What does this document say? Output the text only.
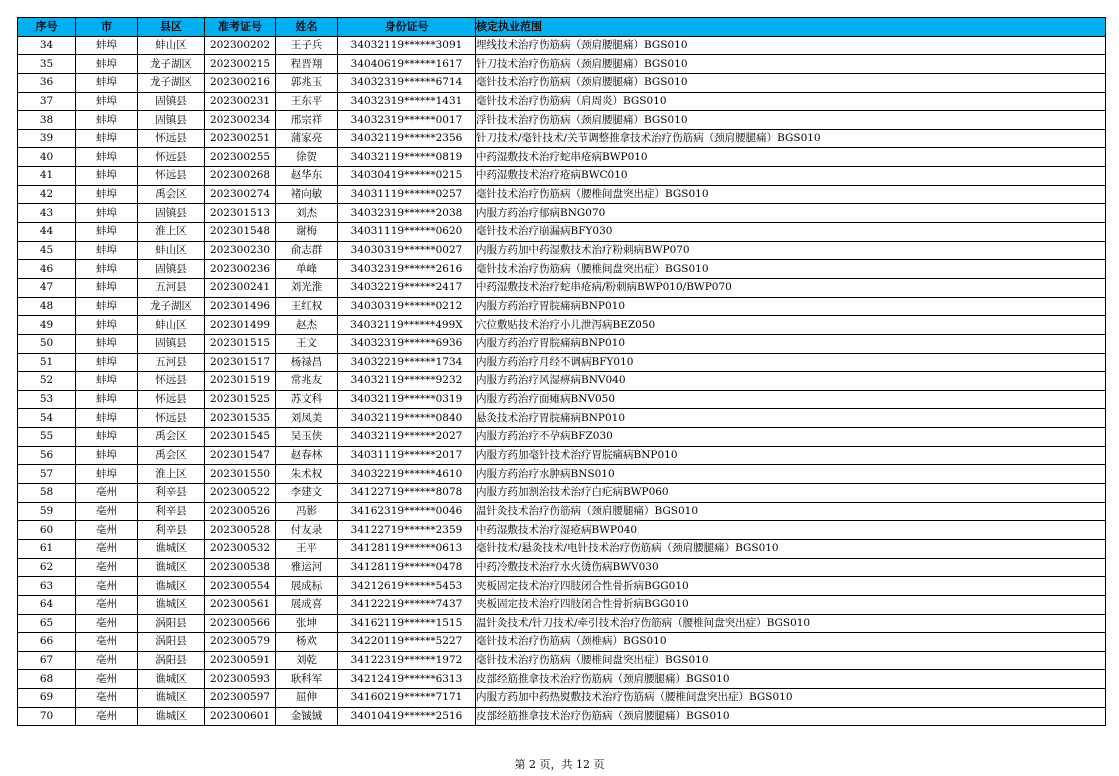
序号	市	县区	准考证号	姓名	身份证号	核定执业范围
34	蚌埠	蚌山区	202300202	王子兵	34032119******3091	埋线技术治疗伤筋病（颈肩腰腿痛）BGS010
35	蚌埠	龙子湖区	202300215	程晋翔	34040619******1617	针刀技术治疗伤筋病（颈肩腰腿痛）BGS010
36	蚌埠	龙子湖区	202300216	郭兆玉	34032319******6714	毫针技术治疗伤筋病（颈肩腰腿痛）BGS010
37	蚌埠	固镇县	202300231	王东平	34032319******1431	毫针技术治疗伤筋病（肩周炎）BGS010
38	蚌埠	固镇县	202300234	邢宗祥	34032319******0017	浮针技术治疗伤筋病（颈肩腰腿痛）BGS010
39	蚌埠	怀远县	202300251	蒲家亮	34032119******2356	针刀技术/毫针技术/关节调整推拿技术治疗伤筋病（颈肩腰腿痛）BGS010
40	蚌埠	怀远县	202300255	徐贺	34032119******0819	中药湿敷技术治疗蛇串疮病BWP010
41	蚌埠	怀远县	202300268	赵华东	34030419******0215	中药湿敷技术治疗疮病BWC010
42	蚌埠	禹会区	202300274	褚向敏	34031119******0257	毫针技术治疗伤筋病（腰椎间盘突出症）BGS010
43	蚌埠	固镇县	202301513	刘杰	34032319******2038	内服方药治疗郁病BNG070
44	蚌埠	淮上区	202301548	谢梅	34031119******0620	毫针技术治疗崩漏病BFY030
45	蚌埠	蚌山区	202300230	俞志群	34030319******0027	内服方药加中药湿敷技术治疗粉刺病BWP070
46	蚌埠	固镇县	202300236	单峰	34032319******2616	毫针技术治疗伤筋病（腰椎间盘突出症）BGS010
47	蚌埠	五河县	202300241	刘光淮	34032219******2417	中药湿敷技术治疗蛇串疮病/粉刺病BWP010/BWP070
48	蚌埠	龙子湖区	202301496	王红权	34030319******0212	内服方药治疗胃脘痛病BNP010
49	蚌埠	蚌山区	202301499	赵杰	34032119******499X	穴位敷贴技术治疗小儿泄泻病BEZ050
50	蚌埠	固镇县	202301515	王文	34032319******6936	内服方药治疗胃脘痛病BNP010
51	蚌埠	五河县	202301517	杨禄昌	34032219******1734	内服方药治疗月经不调病BFY010
52	蚌埠	怀远县	202301519	常兆友	34032119******9232	内服方药治疗风湿痹病BNV040
53	蚌埠	怀远县	202301525	苏文科	34032119******0319	内服方药治疗面瘫病BNV050
54	蚌埠	怀远县	202301535	刘凤美	34032119******0840	悬灸技术治疗胃脘痛病BNP010
55	蚌埠	禹会区	202301545	吴玉侠	34032119******2027	内服方药治疗不孕病BFZ030
56	蚌埠	禹会区	202301547	赵春林	34031119******2017	内服方药加毫针技术治疗胃脘痛病BNP010
57	蚌埠	淮上区	202301550	朱术权	34032219******4610	内服方药治疗水肿病BNS010
58	亳州	利辛县	202300522	李建文	34122719******8078	内服方药加割治技术治疗白疕病BWP060
59	亳州	利辛县	202300526	冯影	34162319******0046	温针灸技术治疗伤筋病（颈肩腰腿痛）BGS010
60	亳州	利辛县	202300528	付友录	34122719******2359	中药湿敷技术治疗湿疮病BWP040
61	亳州	谯城区	202300532	王平	34128119******0613	毫针技术/悬灸技术/电针技术治疗伤筋病（颈肩腰腿痛）BGS010
62	亳州	谯城区	202300538	雅运河	34128119******0478	中药冷敷技术治疗水火烫伤病BWV030
63	亳州	谯城区	202300554	展成标	34212619******5453	夹板固定技术治疗四肢闭合性骨折病BGG010
64	亳州	谯城区	202300561	展成喜	34122219******7437	夹板固定技术治疗四肢闭合性骨折病BGG010
65	亳州	涡阳县	202300566	张坤	34162119******1515	温针灸技术/针刀技术/牵引技术治疗伤筋病（腰椎间盘突出症）BGS010
66	亳州	涡阳县	202300579	杨欢	34220119******5227	毫针技术治疗伤筋病（颈椎病）BGS010
67	亳州	涡阳县	202300591	刘乾	34122319******1972	毫针技术治疗伤筋病（腰椎间盘突出症）BGS010
68	亳州	谯城区	202300593	耿科军	34212419******6313	皮部经筋推拿技术治疗伤筋病（颈肩腰腿痛）BGS010
69	亳州	谯城区	202300597	屈伸	34160219******7171	内服方药加中药热熨敷技术治疗伤筋病（腰椎间盘突出症）BGS010
70	亳州	谯城区	202300601	金铖铖	34010419******2516	皮部经筋推拿技术治疗伤筋病（颈肩腰腿痛）BGS010
第 2 页，共 12 页
